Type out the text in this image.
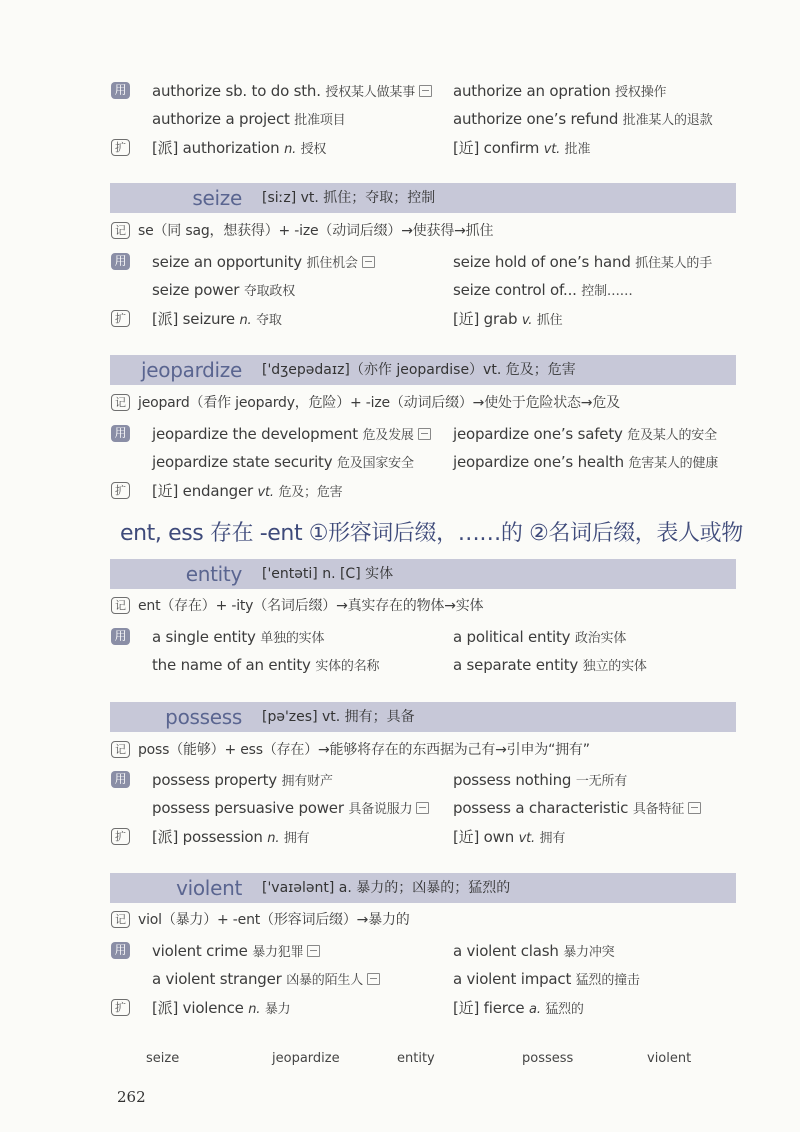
用 authorize sb. to do sth. 授权某人做某事	authorize an opration 授权操作
authorize a project 批准项目	authorize one’s refund 批准某人的退款
扩 [派] authorization n. 授权	[近] confirm vt. 批准
seize [siːz] vt. 抓住；夺取；控制
记 se（同 sag，想获得）+ -ize（动词后缀）→使获得→抓住
用 seize an opportunity 抓住机会	seize hold of one’s hand 抓住某人的手
seize power 夺取政权	seize control of... 控制……
扩 [派] seizure n. 夺取	[近] grab v. 抓住
jeopardize ['dʒepədaɪz]（亦作 jeopardise）vt. 危及；危害
记 jeopard（看作 jeopardy，危险）+ -ize（动词后缀）→使处于危险状态→危及
用 jeopardize the development 危及发展	jeopardize one’s safety 危及某人的安全
jeopardize state security 危及国家安全	jeopardize one’s health 危害某人的健康
扩 [近] endanger vt. 危及；危害
ent, ess 存在 -ent ①形容词后缀，……的 ②名词后缀，表人或物
entity ['entəti] n. [C] 实体
记 ent（存在）+ -ity（名词后缀）→真实存在的物体→实体
用 a single entity 单独的实体	a political entity 政治实体
the name of an entity 实体的名称	a separate entity 独立的实体
possess [pə'zes] vt. 拥有；具备
记 poss（能够）+ ess（存在）→能够将存在的东西据为己有→引申为“拥有”
用 possess property 拥有财产	possess nothing 一无所有
possess persuasive power 具备说服力	possess a characteristic 具备特征
扩 [派] possession n. 拥有	[近] own vt. 拥有
violent ['vaɪələnt] a. 暴力的；凶暴的；猛烈的
记 viol（暴力）+ -ent（形容词后缀）→暴力的
用 violent crime 暴力犯罪	a violent clash 暴力冲突
a violent stranger 凶暴的陌生人	a violent impact 猛烈的撞击
扩 [派] violence n. 暴力	[近] fierce a. 猛烈的
seize	jeopardize	entity	possess	violent
262
